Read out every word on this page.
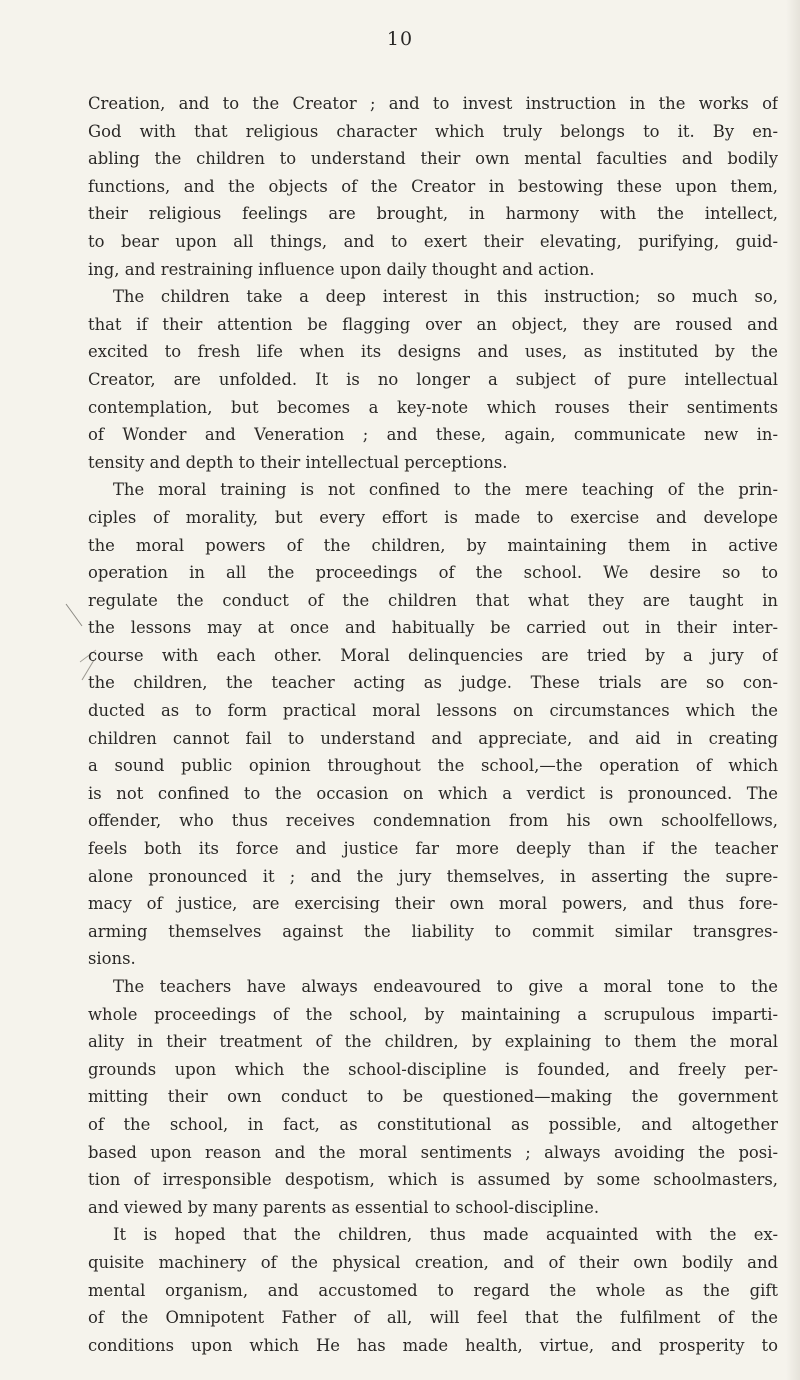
10
Creation, and to the Creator ; and to invest instruction in the works of
God with that religious character which truly belongs to it. By en-
abling the children to understand their own mental faculties and bodily
functions, and the objects of the Creator in bestowing these upon them,
their religious feelings are brought, in harmony with the intellect,
to bear upon all things, and to exert their elevating, purifying, guid-
ing, and restraining influence upon daily thought and action.
The children take a deep interest in this instruction; so much so,
that if their attention be flagging over an object, they are roused and
excited to fresh life when its designs and uses, as instituted by the
Creator, are unfolded. It is no longer a subject of pure intellectual
contemplation, but becomes a key-note which rouses their sentiments
of Wonder and Veneration ; and these, again, communicate new in-
tensity and depth to their intellectual perceptions.
The moral training is not confined to the mere teaching of the prin-
ciples of morality, but every effort is made to exercise and develope
the moral powers of the children, by maintaining them in active
operation in all the proceedings of the school. We desire so to
regulate the conduct of the children that what they are taught in
the lessons may at once and habitually be carried out in their inter-
course with each other. Moral delinquencies are tried by a jury of
the children, the teacher acting as judge. These trials are so con-
ducted as to form practical moral lessons on circumstances which the
children cannot fail to understand and appreciate, and aid in creating
a sound public opinion throughout the school,—the operation of which
is not confined to the occasion on which a verdict is pronounced. The
offender, who thus receives condemnation from his own schoolfellows,
feels both its force and justice far more deeply than if the teacher
alone pronounced it ; and the jury themselves, in asserting the supre-
macy of justice, are exercising their own moral powers, and thus fore-
arming themselves against the liability to commit similar transgres-
sions.
The teachers have always endeavoured to give a moral tone to the
whole proceedings of the school, by maintaining a scrupulous imparti-
ality in their treatment of the children, by explaining to them the moral
grounds upon which the school-discipline is founded, and freely per-
mitting their own conduct to be questioned—making the government
of the school, in fact, as constitutional as possible, and altogether
based upon reason and the moral sentiments ; always avoiding the posi-
tion of irresponsible despotism, which is assumed by some schoolmasters,
and viewed by many parents as essential to school-discipline.
It is hoped that the children, thus made acquainted with the ex-
quisite machinery of the physical creation, and of their own bodily and
mental organism, and accustomed to regard the whole as the gift
of the Omnipotent Father of all, will feel that the fulfilment of the
conditions upon which He has made health, virtue, and prosperity to
